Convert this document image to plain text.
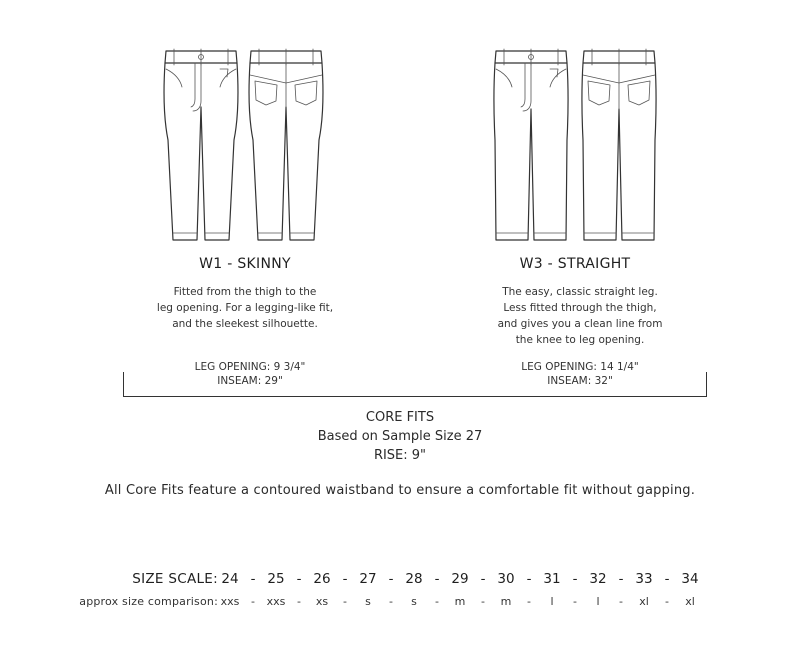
W1 - SKINNY	W3 - STRAIGHT
Fitted from the thigh to the
leg opening. For a legging-like fit,
and the sleekest silhouette.
The easy, classic straight leg.
Less fitted through the thigh,
and gives you a clean line from
the knee to leg opening.
LEG OPENING: 9 3/4"
INSEAM: 29"
LEG OPENING: 14 1/4"
INSEAM: 32"
CORE FITS
Based on Sample Size 27
RISE: 9"
All Core Fits feature a contoured waistband to ensure a comfortable fit without gapping.
SIZE SCALE: 24 - 25 - 26 - 27 - 28 - 29 - 30 - 31 - 32 - 33 - 34
approx size comparison: xxs - xxs - xs - s - s - m - m - l - l - xl - xl
